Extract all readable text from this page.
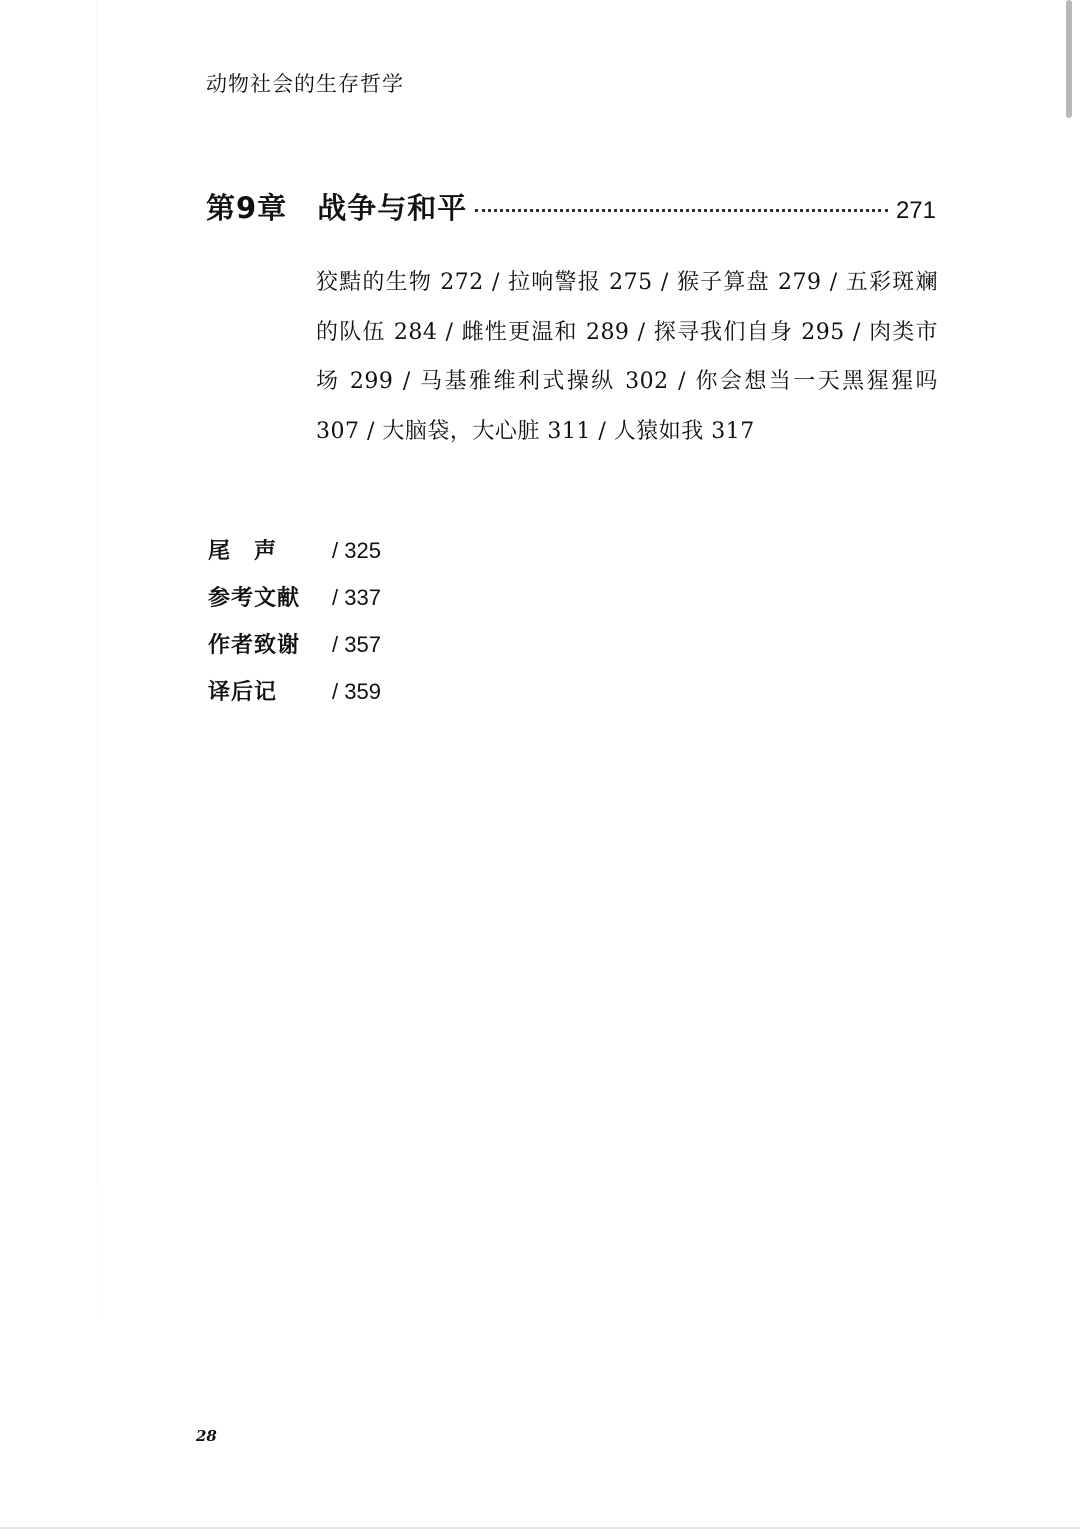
动物社会的生存哲学
第9章 战争与和平	271
狡黠的生物 272 / 拉响警报 275 / 猴子算盘 279 / 五彩斑斓的队伍 284 / 雌性更温和 289 / 探寻我们自身 295 / 肉类市场 299 / 马基雅维利式操纵 302 / 你会想当一天黑猩猩吗 307 / 大脑袋，大心脏 311 / 人猿如我 317
尾　声	/ 325
参考文献	/ 337
作者致谢	/ 357
译后记	/ 359
28
